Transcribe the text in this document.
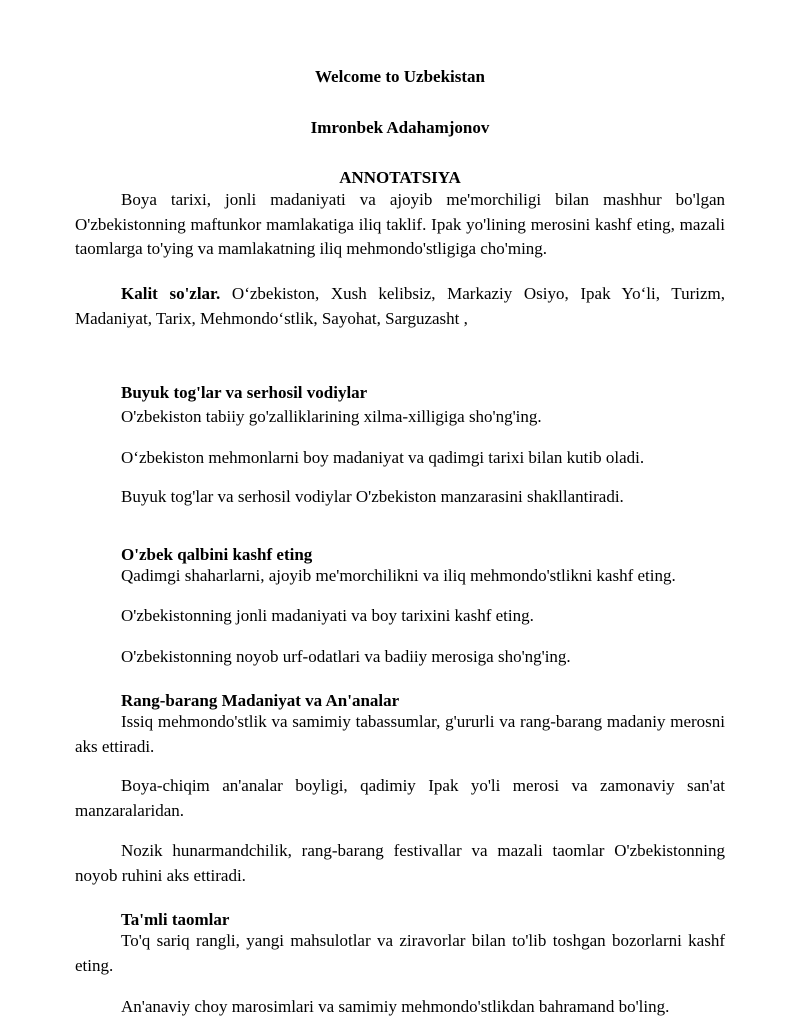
Welcome to Uzbekistan
Imronbek Adahamjonov
ANNOTATSIYA
Boya tarixi, jonli madaniyati va ajoyib me'morchiligi bilan mashhur bo'lgan O'zbekistonning maftunkor mamlakatiga iliq taklif. Ipak yo'lining merosini kashf eting, mazali taomlarga to'ying va mamlakatning iliq mehmondo'stligiga cho'ming.
Kalit so'zlar. O‘zbekiston, Xush kelibsiz, Markaziy Osiyo, Ipak Yo‘li, Turizm, Madaniyat, Tarix, Mehmondo‘stlik, Sayohat, Sarguzasht ,
Buyuk tog'lar va serhosil vodiylar
O'zbekiston tabiiy go'zalliklarining xilma-xilligiga sho'ng'ing.
O‘zbekiston mehmonlarni boy madaniyat va qadimgi tarixi bilan kutib oladi.
Buyuk tog'lar va serhosil vodiylar O'zbekiston manzarasini shakllantiradi.
O'zbek qalbini kashf eting
Qadimgi shaharlarni, ajoyib me'morchilikni va iliq mehmondo'stlikni kashf eting.
O'zbekistonning jonli madaniyati va boy tarixini kashf eting.
O'zbekistonning noyob urf-odatlari va badiiy merosiga sho'ng'ing.
Rang-barang Madaniyat va An'analar
Issiq mehmondo'stlik va samimiy tabassumlar, g'ururli va rang-barang madaniy merosni aks ettiradi.
Boya-chiqim an'analar boyligi, qadimiy Ipak yo'li merosi va zamonaviy san'at manzaralaridan.
Nozik hunarmandchilik, rang-barang festivallar va mazali taomlar O'zbekistonning noyob ruhini aks ettiradi.
Ta'mli taomlar
To'q sariq rangli, yangi mahsulotlar va ziravorlar bilan to'lib toshgan bozorlarni kashf eting.
An'anaviy choy marosimlari va samimiy mehmondo'stlikdan bahramand bo'ling.
